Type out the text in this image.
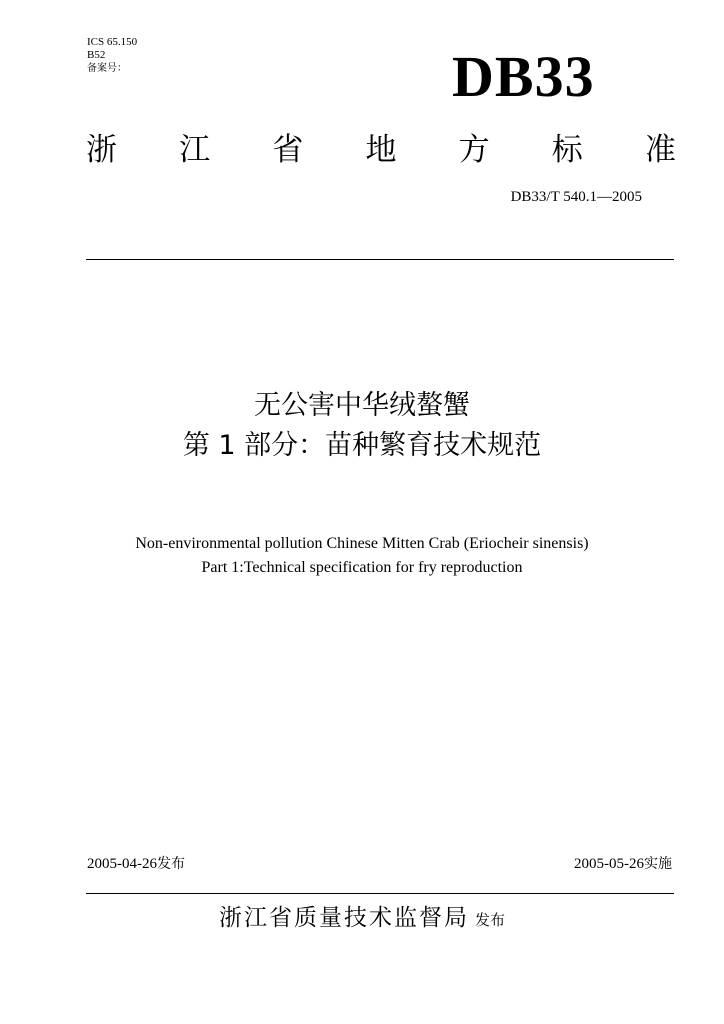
ICS 65.150
B52
备案号：	DB33
浙 江 省 地 方 标 准
DB33/T 540.1—2005
无公害中华绒螯蟹
第 1 部分：苗种繁育技术规范
Non-environmental pollution Chinese Mitten Crab (Eriocheir sinensis)
Part 1:Technical specification for fry reproduction
2005-04-26发布	2005-05-26实施
浙江省质量技术监督局 发布
